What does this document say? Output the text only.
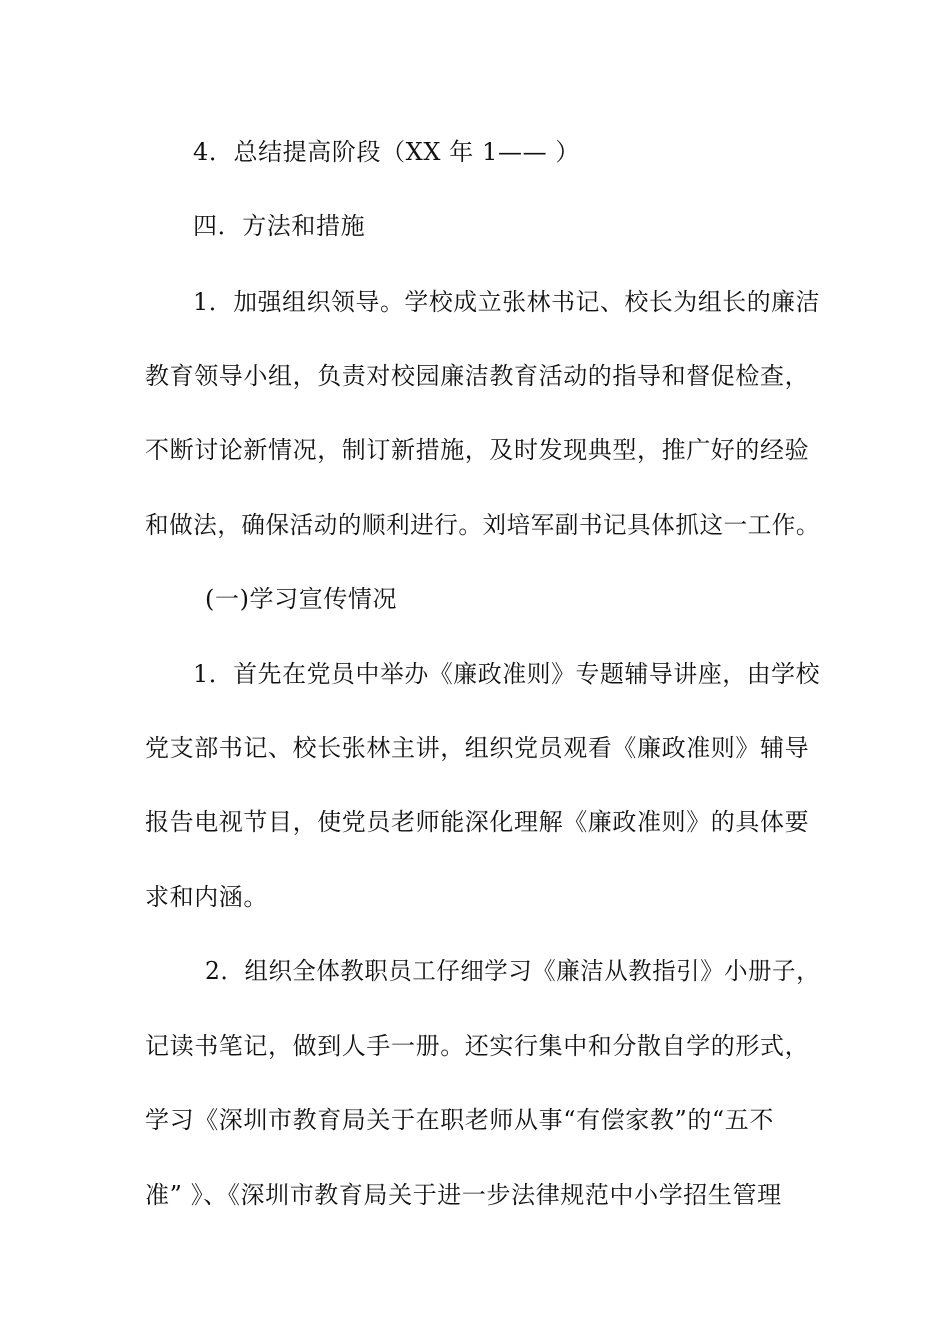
4．总结提高阶段（XX 年 1—— ）
四．方法和措施
1．加强组织领导。学校成立张林书记、校长为组长的廉洁
教育领导小组，负责对校园廉洁教育活动的指导和督促检查，
不断讨论新情况，制订新措施，及时发现典型，推广好的经验
和做法，确保活动的顺利进行。刘培军副书记具体抓这一工作。
(一)学习宣传情况
1．首先在党员中举办《廉政准则》专题辅导讲座，由学校
党支部书记、校长张林主讲，组织党员观看《廉政准则》辅导
报告电视节目，使党员老师能深化理解《廉政准则》的具体要
求和内涵。
2．组织全体教职员工仔细学习《廉洁从教指引》小册子，
记读书笔记，做到人手一册。还实行集中和分散自学的形式，
学习《深圳市教育局关于在职老师从事“有偿家教”的“五不
准” 》、《深圳市教育局关于进一步法律规范中小学招生管理
